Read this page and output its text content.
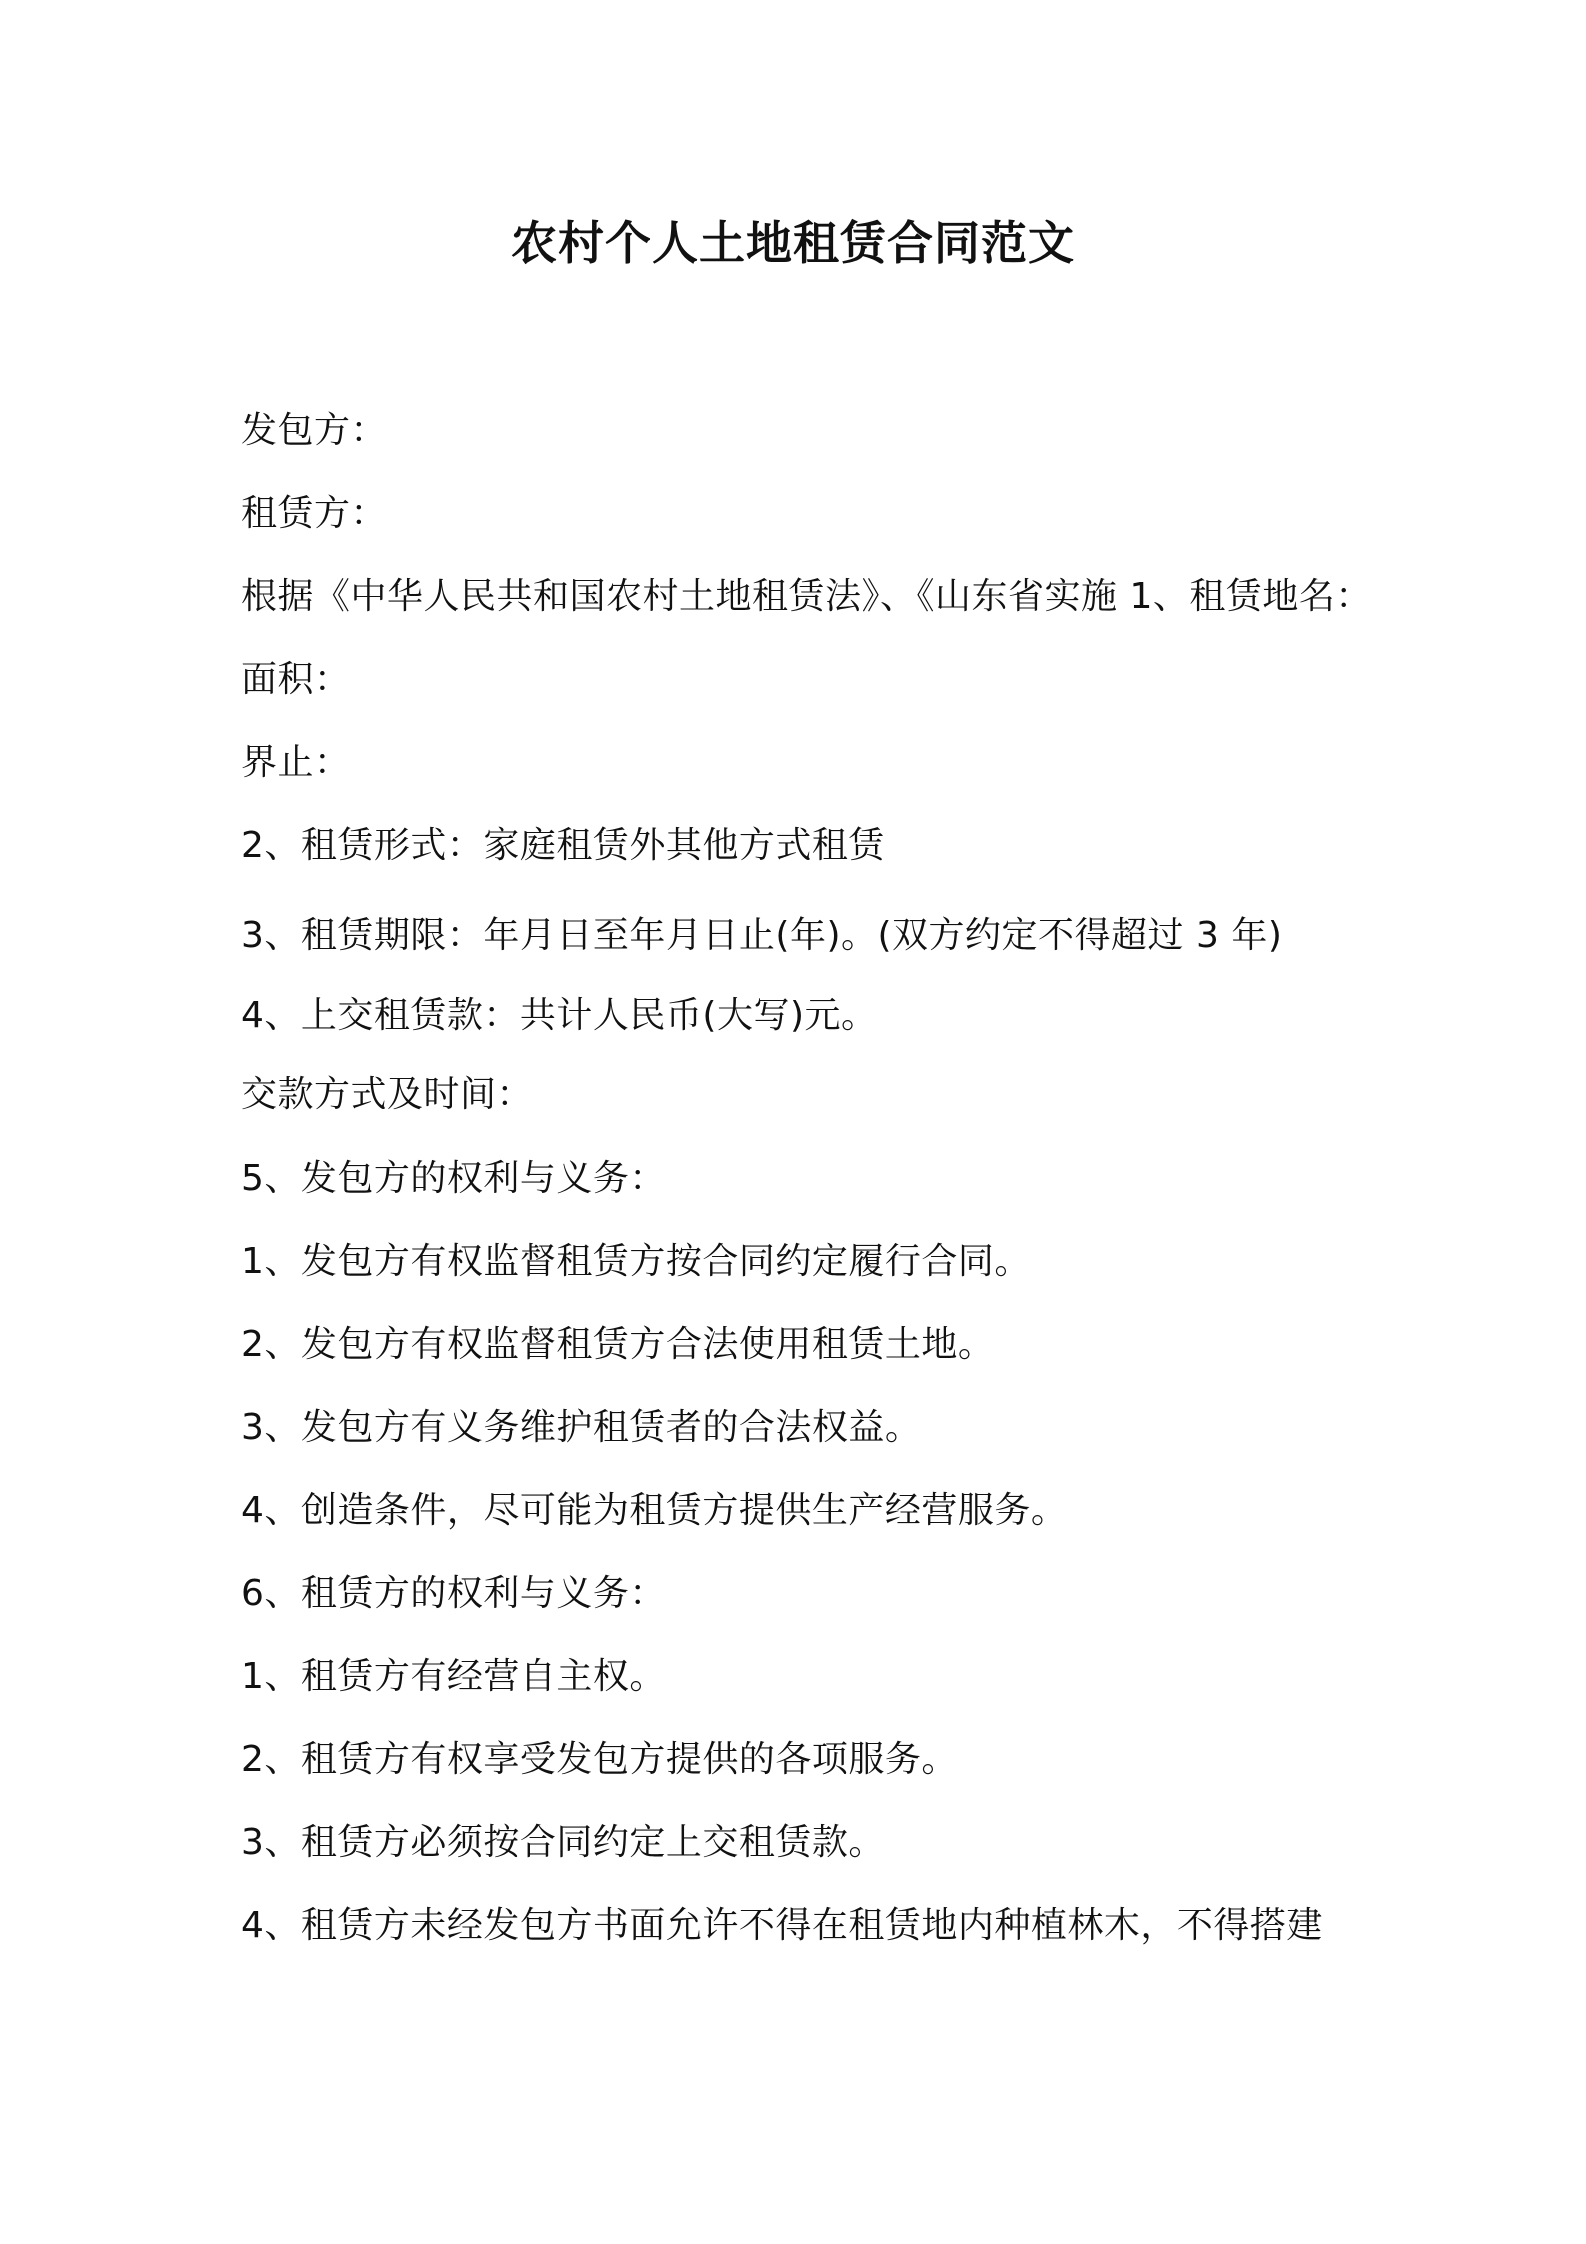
农村个人土地租赁合同范文
发包方：
租赁方：
根据《中华人民共和国农村土地租赁法》、《山东省实施 1、租赁地名：
面积：
界止：
2、租赁形式：家庭租赁外其他方式租赁
3、租赁期限：年月日至年月日止(年)。(双方约定不得超过 3 年)
4、上交租赁款：共计人民币(大写)元。
交款方式及时间：
5、发包方的权利与义务：
1、发包方有权监督租赁方按合同约定履行合同。
2、发包方有权监督租赁方合法使用租赁土地。
3、发包方有义务维护租赁者的合法权益。
4、创造条件，尽可能为租赁方提供生产经营服务。
6、租赁方的权利与义务：
1、租赁方有经营自主权。
2、租赁方有权享受发包方提供的各项服务。
3、租赁方必须按合同约定上交租赁款。
4、租赁方未经发包方书面允许不得在租赁地内种植林木，不得搭建
